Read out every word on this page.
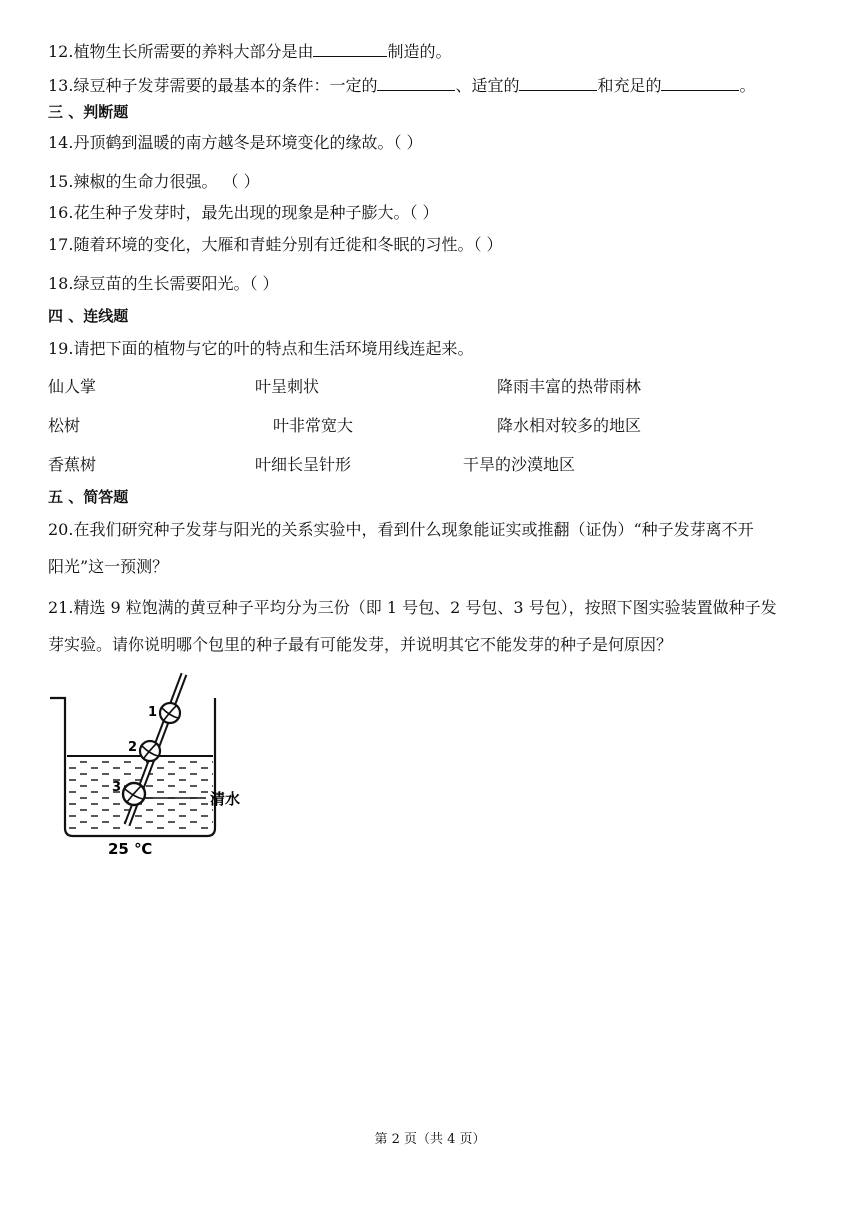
12.植物生长所需要的养料大部分是由	制造的。
13.绿豆种子发芽需要的最基本的条件：一定的	、适宜的	和充足的	。
三 、判断题
14.丹顶鹤到温暖的南方越冬是环境变化的缘故。（ ）
15.辣椒的生命力很强。 （ ）
16.花生种子发芽时，最先出现的现象是种子膨大。（ ）
17.随着环境的变化，大雁和青蛙分别有迁徙和冬眠的习性。（ ）
18.绿豆苗的生长需要阳光。（ ）
四 、连线题
19.请把下面的植物与它的叶的特点和生活环境用线连起来。
仙人掌	叶呈刺状	降雨丰富的热带雨林
松树	叶非常宽大	降水相对较多的地区
香蕉树	叶细长呈针形	干旱的沙漠地区
五 、简答题
20.在我们研究种子发芽与阳光的关系实验中，看到什么现象能证实或推翻（证伪）“种子发芽离不开
阳光”这一预测？
21.精选 9 粒饱满的黄豆种子平均分为三份（即 1 号包、2 号包、3 号包），按照下图实验装置做种子发
芽实验。请你说明哪个包里的种子最有可能发芽，并说明其它不能发芽的种子是何原因？
1
2
3
清水
25 ℃
第 2 页（共 4 页）
